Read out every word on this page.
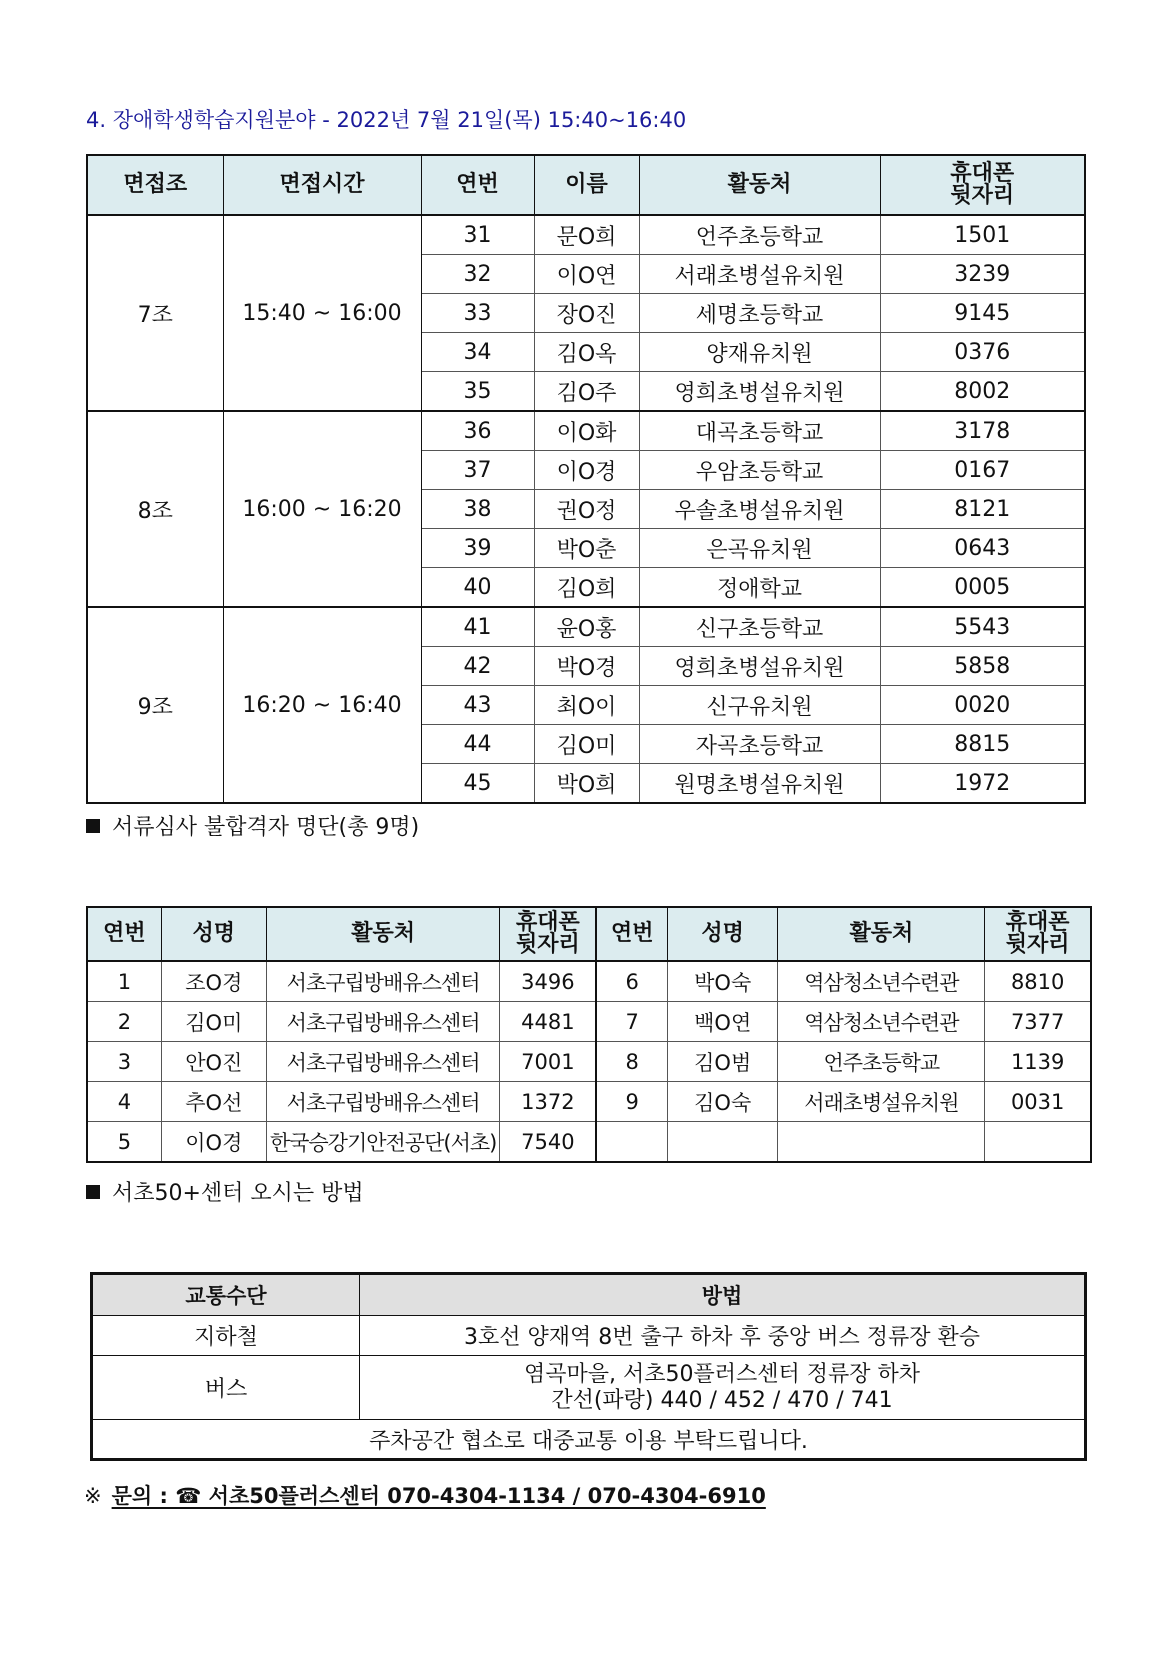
4. 장애학생학습지원분야 - 2022년 7월 21일(목) 15:40~16:40
면접조	면접시간	연번	이름	활동처	휴대폰
뒷자리
7조	15:40 ~ 16:00	31	문O희	언주초등학교	1501
		32	이O연	서래초병설유치원	3239
		33	장O진	세명초등학교	9145
		34	김O옥	양재유치원	0376
		35	김O주	영희초병설유치원	8002
8조	16:00 ~ 16:20	36	이O화	대곡초등학교	3178
		37	이O경	우암초등학교	0167
		38	권O정	우솔초병설유치원	8121
		39	박O춘	은곡유치원	0643
		40	김O희	정애학교	0005
9조	16:20 ~ 16:40	41	윤O홍	신구초등학교	5543
		42	박O경	영희초병설유치원	5858
		43	최O이	신구유치원	0020
		44	김O미	자곡초등학교	8815
		45	박O희	원명초병설유치원	1972
서류심사 불합격자 명단(총 9명)
연번	성명	활동처	휴대폰
뒷자리	연번	성명	활동처	휴대폰
뒷자리
1	조O경	서초구립방배유스센터	3496	6	박O숙	역삼청소년수련관	8810
2	김O미	서초구립방배유스센터	4481	7	백O연	역삼청소년수련관	7377
3	안O진	서초구립방배유스센터	7001	8	김O범	언주초등학교	1139
4	추O선	서초구립방배유스센터	1372	9	김O숙	서래초병설유치원	0031
5	이O경	한국승강기안전공단(서초)	7540				
서초50+센터 오시는 방법
교통수단	방법
지하철	3호선 양재역 8번 출구 하차 후 중앙 버스 정류장 환승
버스	염곡마을, 서초50플러스센터 정류장 하차
간선(파랑) 440 / 452 / 470 / 741

주차공간 협소로 대중교통 이용 부탁드립니다.	
※ 문의 : ☎ 서초50플러스센터 070-4304-1134 / 070-4304-6910
